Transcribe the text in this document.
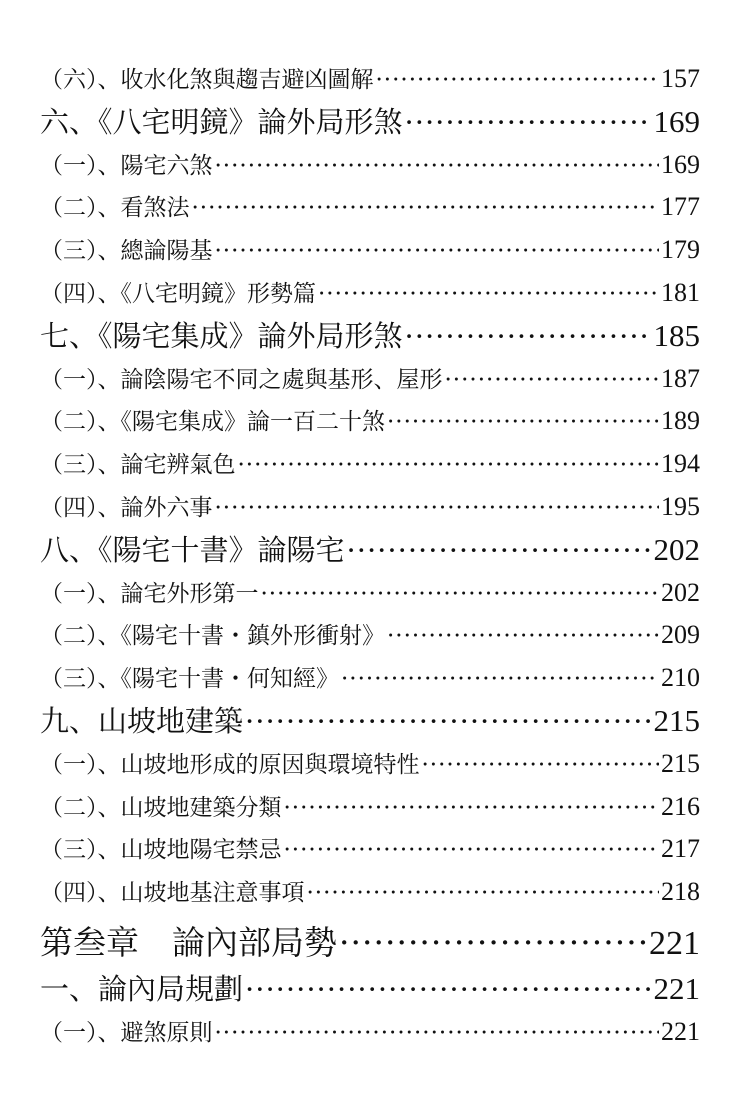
（六）、收水化煞與趨吉避凶圖解 ·····	157
六、《八宅明鏡》論外局形煞 ·····	169
（一）、陽宅六煞 ·····	169
（二）、看煞法 ·····	177
（三）、總論陽基 ·····	179
（四）、《八宅明鏡》形勢篇 ·····	181
七、《陽宅集成》論外局形煞 ·····	185
（一）、論陰陽宅不同之處與基形、屋形 ·····	187
（二）、《陽宅集成》論一百二十煞 ·····	189
（三）、論宅辨氣色 ·····	194
（四）、論外六事 ·····	195
八、《陽宅十書》論陽宅 ·····	202
（一）、論宅外形第一 ·····	202
（二）、《陽宅十書・鎮外形衝射》 ·····	209
（三）、《陽宅十書・何知經》 ·····	210
九、山坡地建築 ·····	215
（一）、山坡地形成的原因與環境特性 ·····	215
（二）、山坡地建築分類 ·····	216
（三）、山坡地陽宅禁忌 ·····	217
（四）、山坡地基注意事項 ·····	218
第叁章　論內部局勢 ·····	221
一、論內局規劃 ·····	221
（一）、避煞原則 ·····	221
